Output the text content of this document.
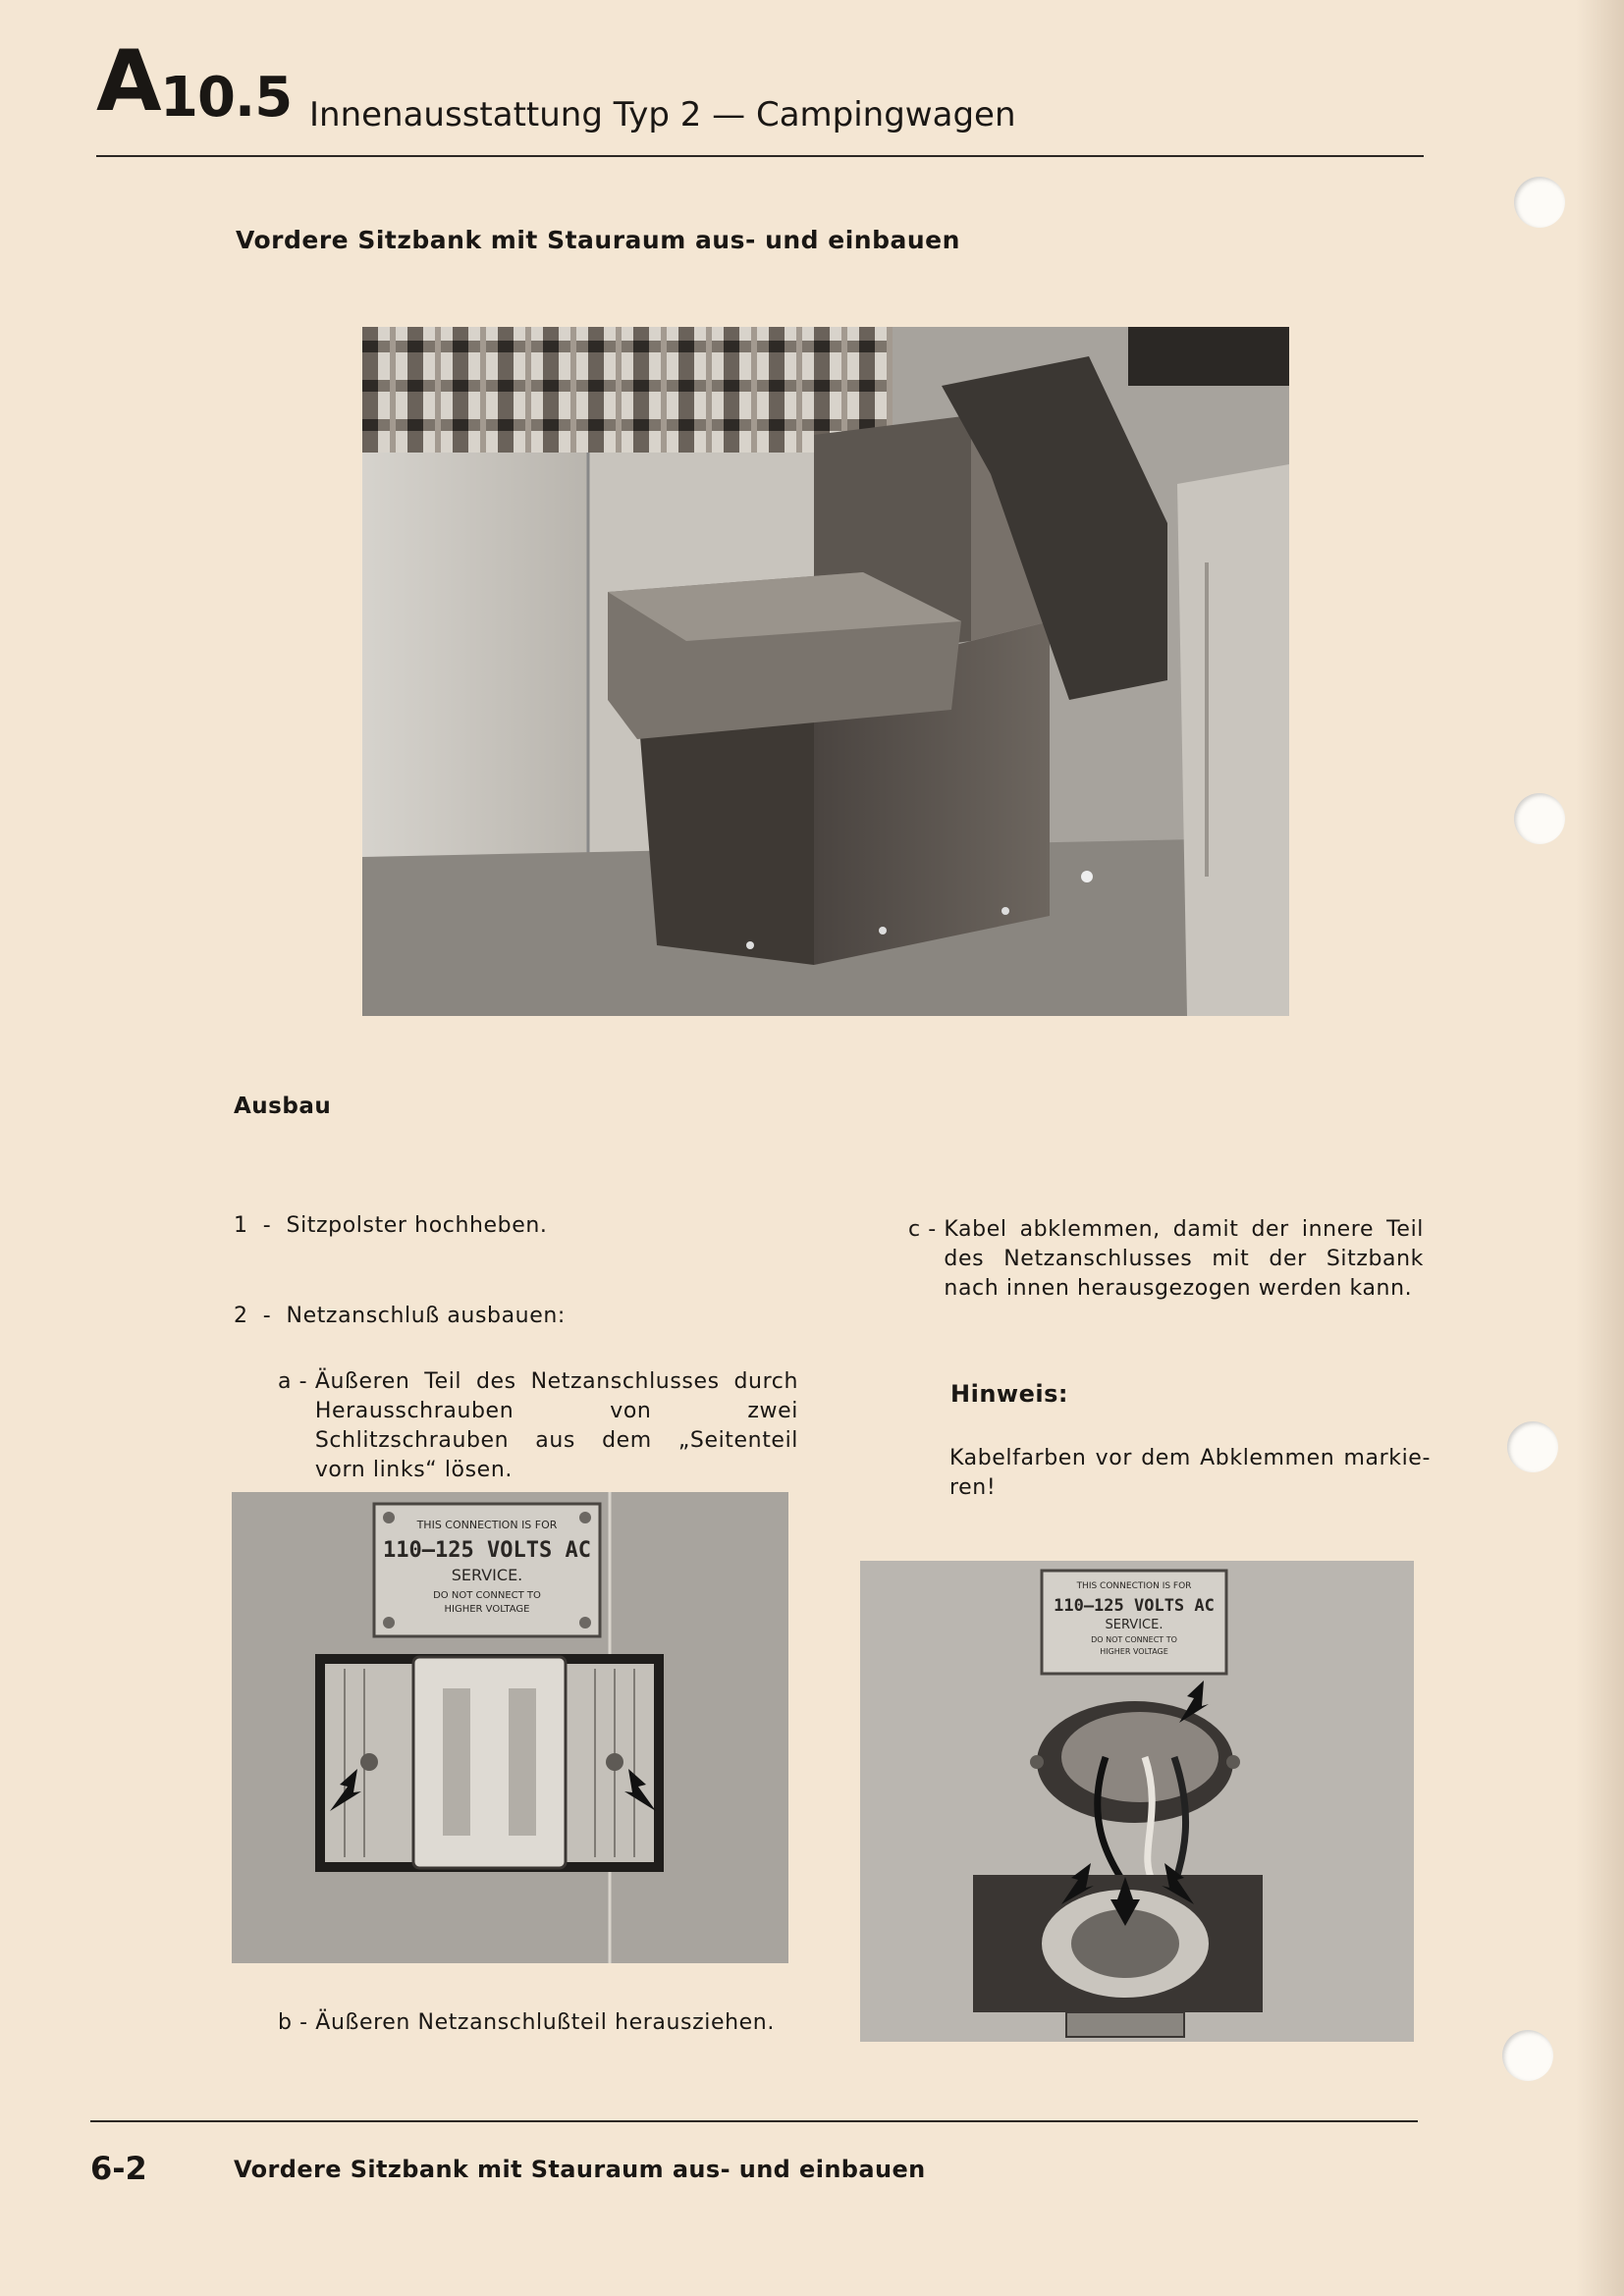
A 10.5 Innenausstattung Typ 2 — Campingwagen
Vordere Sitzbank mit Stauraum aus- und einbauen
Ausbau
1  - Sitzpolster hochheben.
2  - Netzanschluß ausbauen:
a - Äußeren Teil des Netzanschlusses durch Herausschrauben von zwei Schlitzschrauben aus dem „Seitenteil vorn links“ lösen.
THIS CONNECTION IS FOR
110–125 VOLTS AC
SERVICE.
DO NOT CONNECT TO
HIGHER VOLTAGE
b - Äußeren Netzanschlußteil herausziehen.
c - Kabel abklemmen, damit der innere Teil des Netzanschlusses mit der Sitzbank nach innen herausgezogen werden kann.
Hinweis:
Kabelfarben vor dem Abklemmen markie-ren!
THIS CONNECTION IS FOR
110–125 VOLTS AC
SERVICE.
DO NOT CONNECT TO
HIGHER VOLTAGE
6-2	Vordere Sitzbank mit Stauraum aus- und einbauen
